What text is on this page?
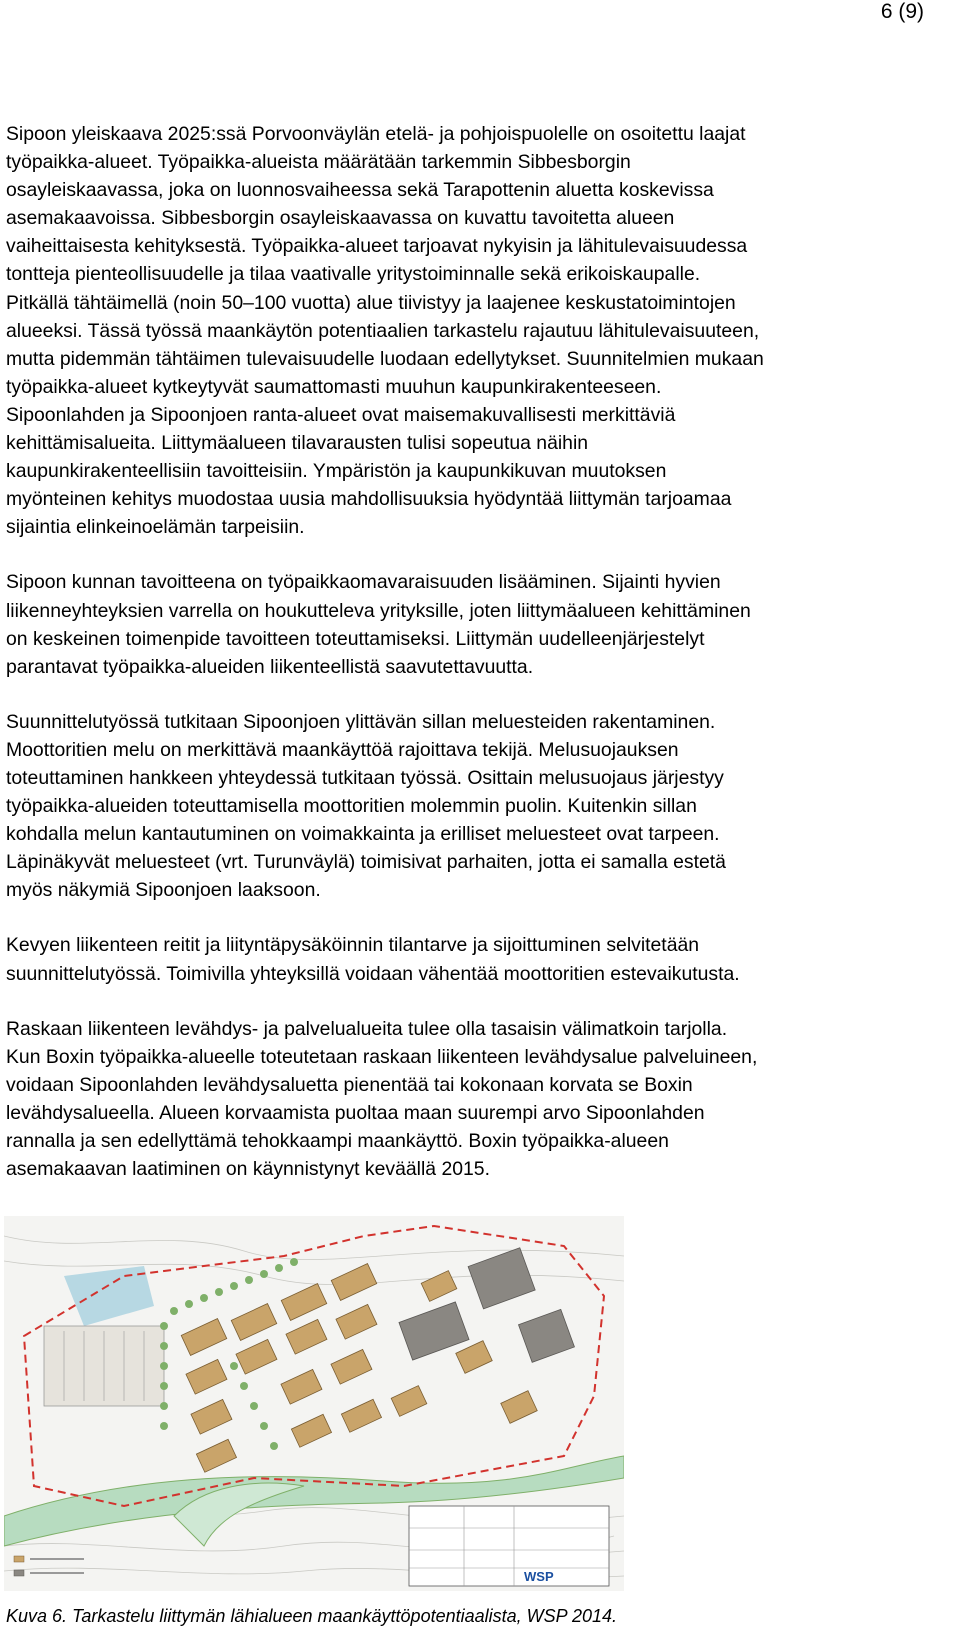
6 (9)

Sipoon yleiskaava 2025:ssä Porvoonväylän etelä- ja pohjoispuolelle on osoitettu laajat
työpaikka-alueet. Työpaikka-alueista määrätään tarkemmin Sibbesborgin
osayleiskaavassa, joka on luonnosvaiheessa sekä Tarapottenin aluetta koskevissa
asemakaavoissa. Sibbesborgin osayleiskaavassa on kuvattu tavoitetta alueen
vaiheittaisesta kehityksestä. Työpaikka-alueet tarjoavat nykyisin ja lähitulevaisuudessa
tontteja pienteollisuudelle ja tilaa vaativalle yritystoiminnalle sekä erikoiskaupalle.
Pitkällä tähtäimellä (noin 50–100 vuotta) alue tiivistyy ja laajenee keskustatoimintojen
alueeksi. Tässä työssä maankäytön potentiaalien tarkastelu rajautuu lähitulevaisuuteen,
mutta pidemmän tähtäimen tulevaisuudelle luodaan edellytykset. Suunnitelmien mukaan
työpaikka-alueet kytkeytyvät saumattomasti muuhun kaupunkirakenteeseen.
Sipoonlahden ja Sipoonjoen ranta-alueet ovat maisemakuvallisesti merkittäviä
kehittämisalueita. Liittymäalueen tilavarausten tulisi sopeutua näihin
kaupunkirakenteellisiin tavoitteisiin. Ympäristön ja kaupunkikuvan muutoksen
myönteinen kehitys muodostaa uusia mahdollisuuksia hyödyntää liittymän tarjoamaa
sijaintia elinkeinoelämän tarpeisiin.

Sipoon kunnan tavoitteena on työpaikkaomavaraisuuden lisääminen. Sijainti hyvien
liikenneyhteyksien varrella on houkutteleva yrityksille, joten liittymäalueen kehittäminen
on keskeinen toimenpide tavoitteen toteuttamiseksi. Liittymän uudelleenjärjestelyt
parantavat työpaikka-alueiden liikenteellistä saavutettavuutta.

Suunnittelutyössä tutkitaan Sipoonjoen ylittävän sillan meluesteiden rakentaminen.
Moottoritien melu on merkittävä maankäyttöä rajoittava tekijä. Melusuojauksen
toteuttaminen hankkeen yhteydessä tutkitaan työssä. Osittain melusuojaus järjestyy
työpaikka-alueiden toteuttamisella moottoritien molemmin puolin. Kuitenkin sillan
kohdalla melun kantautuminen on voimakkainta ja erilliset meluesteet ovat tarpeen.
Läpinäkyvät meluesteet (vrt. Turunväylä) toimisivat parhaiten, jotta ei samalla estetä
myös näkymiä Sipoonjoen laaksoon.

Kevyen liikenteen reitit ja liityntäpysäköinnin tilantarve ja sijoittuminen selvitetään
suunnittelutyössä. Toimivilla yhteyksillä voidaan vähentää moottoritien estevaikutusta.

Raskaan liikenteen levähdys- ja palvelualueita tulee olla tasaisin välimatkoin tarjolla.
Kun Boxin työpaikka-alueelle toteutetaan raskaan liikenteen levähdysalue palveluineen,
voidaan Sipoonlahden levähdysaluetta pienentää tai kokonaan korvata se Boxin
levähdysalueella. Alueen korvaamista puoltaa maan suurempi arvo Sipoonlahden
rannalla ja sen edellyttämä tehokkaampi maankäyttö. Boxin työpaikka-alueen
asemakaavan laatiminen on käynnistynyt keväällä 2015.

WSP
Kuva 6. Tarkastelu liittymän lähialueen maankäyttöpotentiaalista, WSP 2014.
